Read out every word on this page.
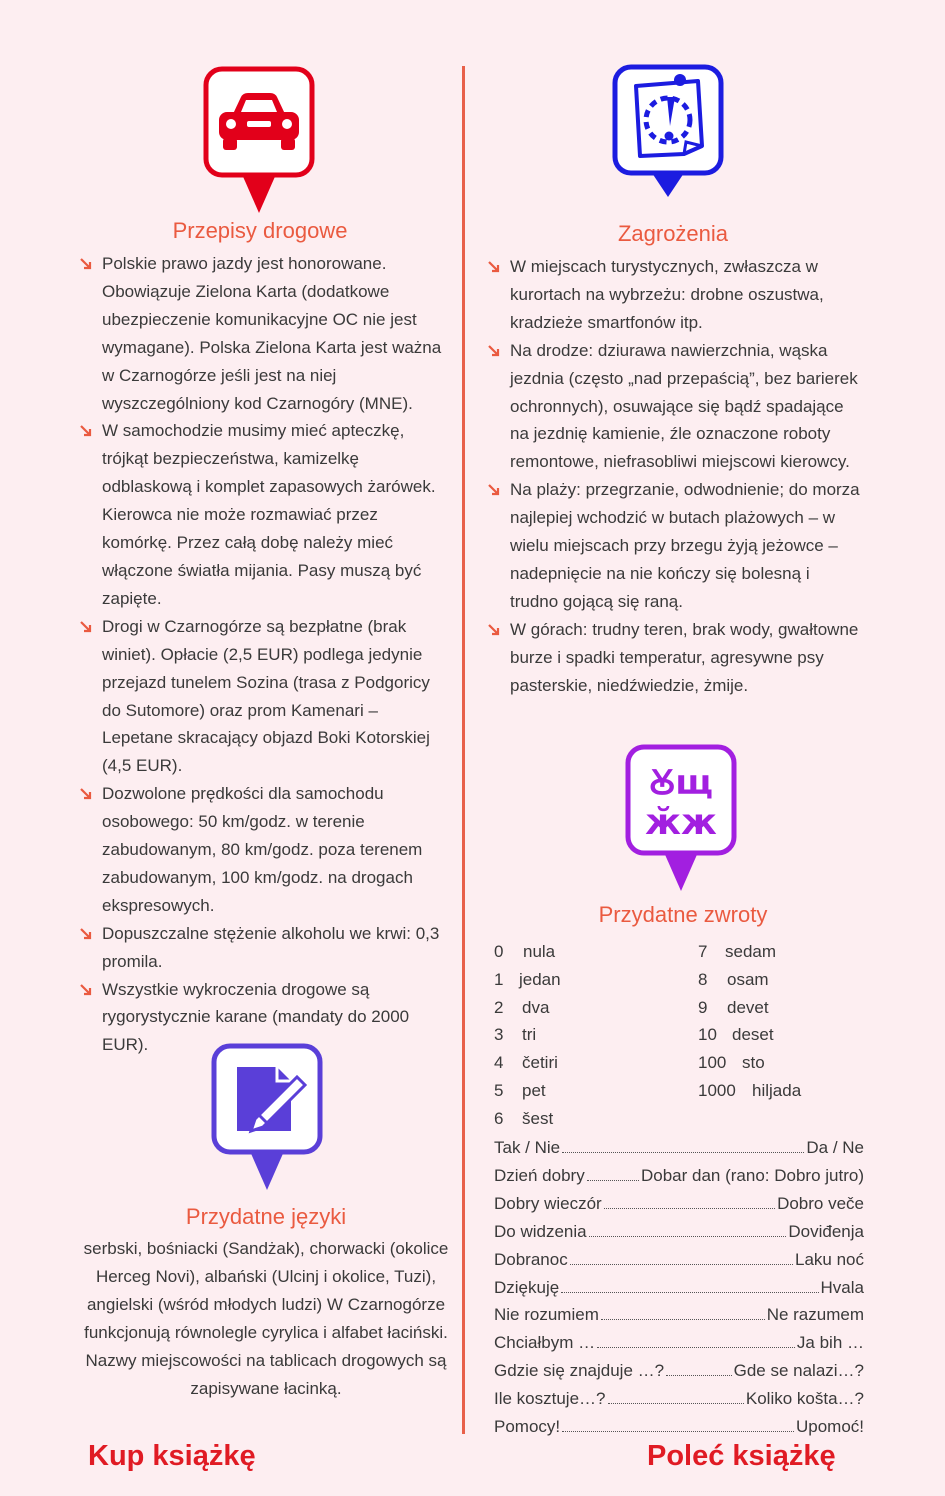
Ꙋщ
ӂж
Przepisy drogowe
Polskie prawo jazdy jest honorowane. Obowiązuje Zielona Karta (dodatkowe ubezpieczenie komunikacyjne OC nie jest wymagane). Polska Zielona Karta jest ważna w Czarnogórze jeśli jest na niej wyszczególniony kod Czarnogóry (MNE).
W samochodzie musimy mieć apteczkę, trójkąt bezpieczeństwa, kamizelkę odblaskową i komplet zapasowych żarówek. Kierowca nie może rozmawiać przez komórkę. Przez całą dobę należy mieć włączone światła mijania. Pasy muszą być zapięte.
Drogi w Czarnogórze są bezpłatne (brak winiet). Opłacie (2,5 EUR) podlega jedynie przejazd tunelem Sozina (trasa z Podgoricy do Sutomore) oraz prom Kamenari – Lepetane skracający objazd Boki Kotorskiej (4,5 EUR).
Dozwolone prędkości dla samochodu osobowego: 50 km/godz. w terenie zabudowanym, 80 km/godz. poza terenem zabudowanym, 100 km/godz. na drogach ekspresowych.
Dopuszczalne stężenie alkoholu we krwi: 0,3 promila.
Wszystkie wykroczenia drogowe są rygorystycznie karane (mandaty do 2000 EUR).
Przydatne języki
serbski, bośniacki (Sandżak), chorwacki (okolice Herceg Novi), albański (Ulcinj i okolice, Tuzi), angielski (wśród młodych ludzi) W Czarnogórze funkcjonują równolegle cyrylica i alfabet łaciński. Nazwy miejscowości na tablicach drogowych są zapisywane łacinką.
Zagrożenia
W miejscach turystycznych, zwłaszcza w kurortach na wybrzeżu: drobne oszustwa, kradzieże smartfonów itp.
Na drodze: dziurawa nawierzchnia, wąska jezdnia (często „nad przepaścią”, bez barierek ochronnych), osuwające się bądź spadające na jezdnię kamienie, źle oznaczone roboty remontowe, niefrasobliwi miejscowi kierowcy.
Na plaży: przegrzanie, odwodnienie; do morza najlepiej wchodzić w butach plażowych – w wielu miejscach przy brzegu żyją jeżowce – nadepnięcie na nie kończy się bolesną i trudno gojącą się raną.
W górach: trudny teren, brak wody, gwałtowne burze i spadki temperatur, agresywne psy pasterskie, niedźwiedzie, żmije.
Przydatne zwroty
0 nula
1 jedan
2 dva
3 tri
4 četiri
5 pet
6 šest
7 sedam
8 osam
9 devet
10 deset
100 sto
1000 hiljada
Tak / Nie	Da / Ne
Dzień dobry	Dobar dan (rano: Dobro jutro)
Dobry wieczór	Dobro veče
Do widzenia	Doviđenja
Dobranoc	Laku noć
Dziękuję	Hvala
Nie rozumiem	Ne razumem
Chciałbym …	Ja bih …
Gdzie się znajduje …?	Gde se nalazi…?
Ile kosztuje…?	Koliko košta…?
Pomocy!	Upomoć!
Kup książkę	Poleć książkę
